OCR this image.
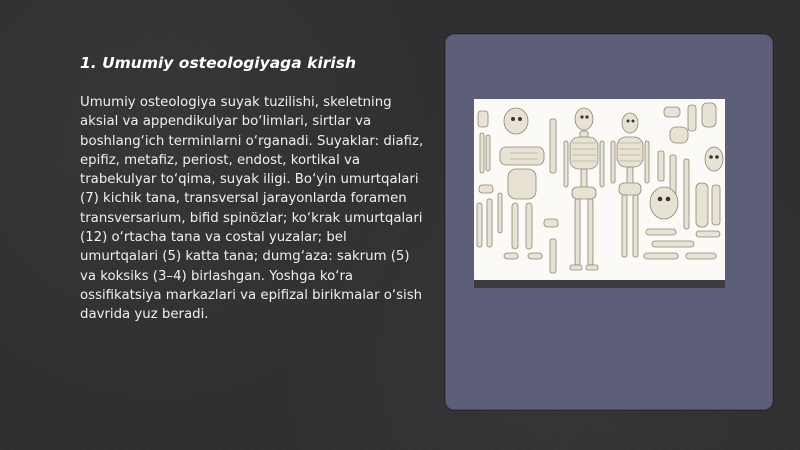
1. Umumiy osteologiyaga kirish

Umumiy osteologiya suyak tuzilishi, skeletning aksial va appendikulyar bo‘limlari, sirtlar va boshlang‘ich terminlarni o‘rganadi. Suyaklar: diafiz, epifiz, metafiz, periost, endost, kortikal va trabekulyar to‘qima, suyak iligi. Bo‘yin umurtqalari (7) kichik tana, transversal jarayonlarda foramen transversarium, bifid spinözlar; ko‘krak umurtqalari (12) o‘rtacha tana va costal yuzalar; bel umurtqalari (5) katta tana; dumg‘aza: sakrum (5) va koksiks (3–4) birlashgan. Yoshga ko‘ra ossifikatsiya markazlari va epifizal birikmalar o‘sish davrida yuz beradi.
